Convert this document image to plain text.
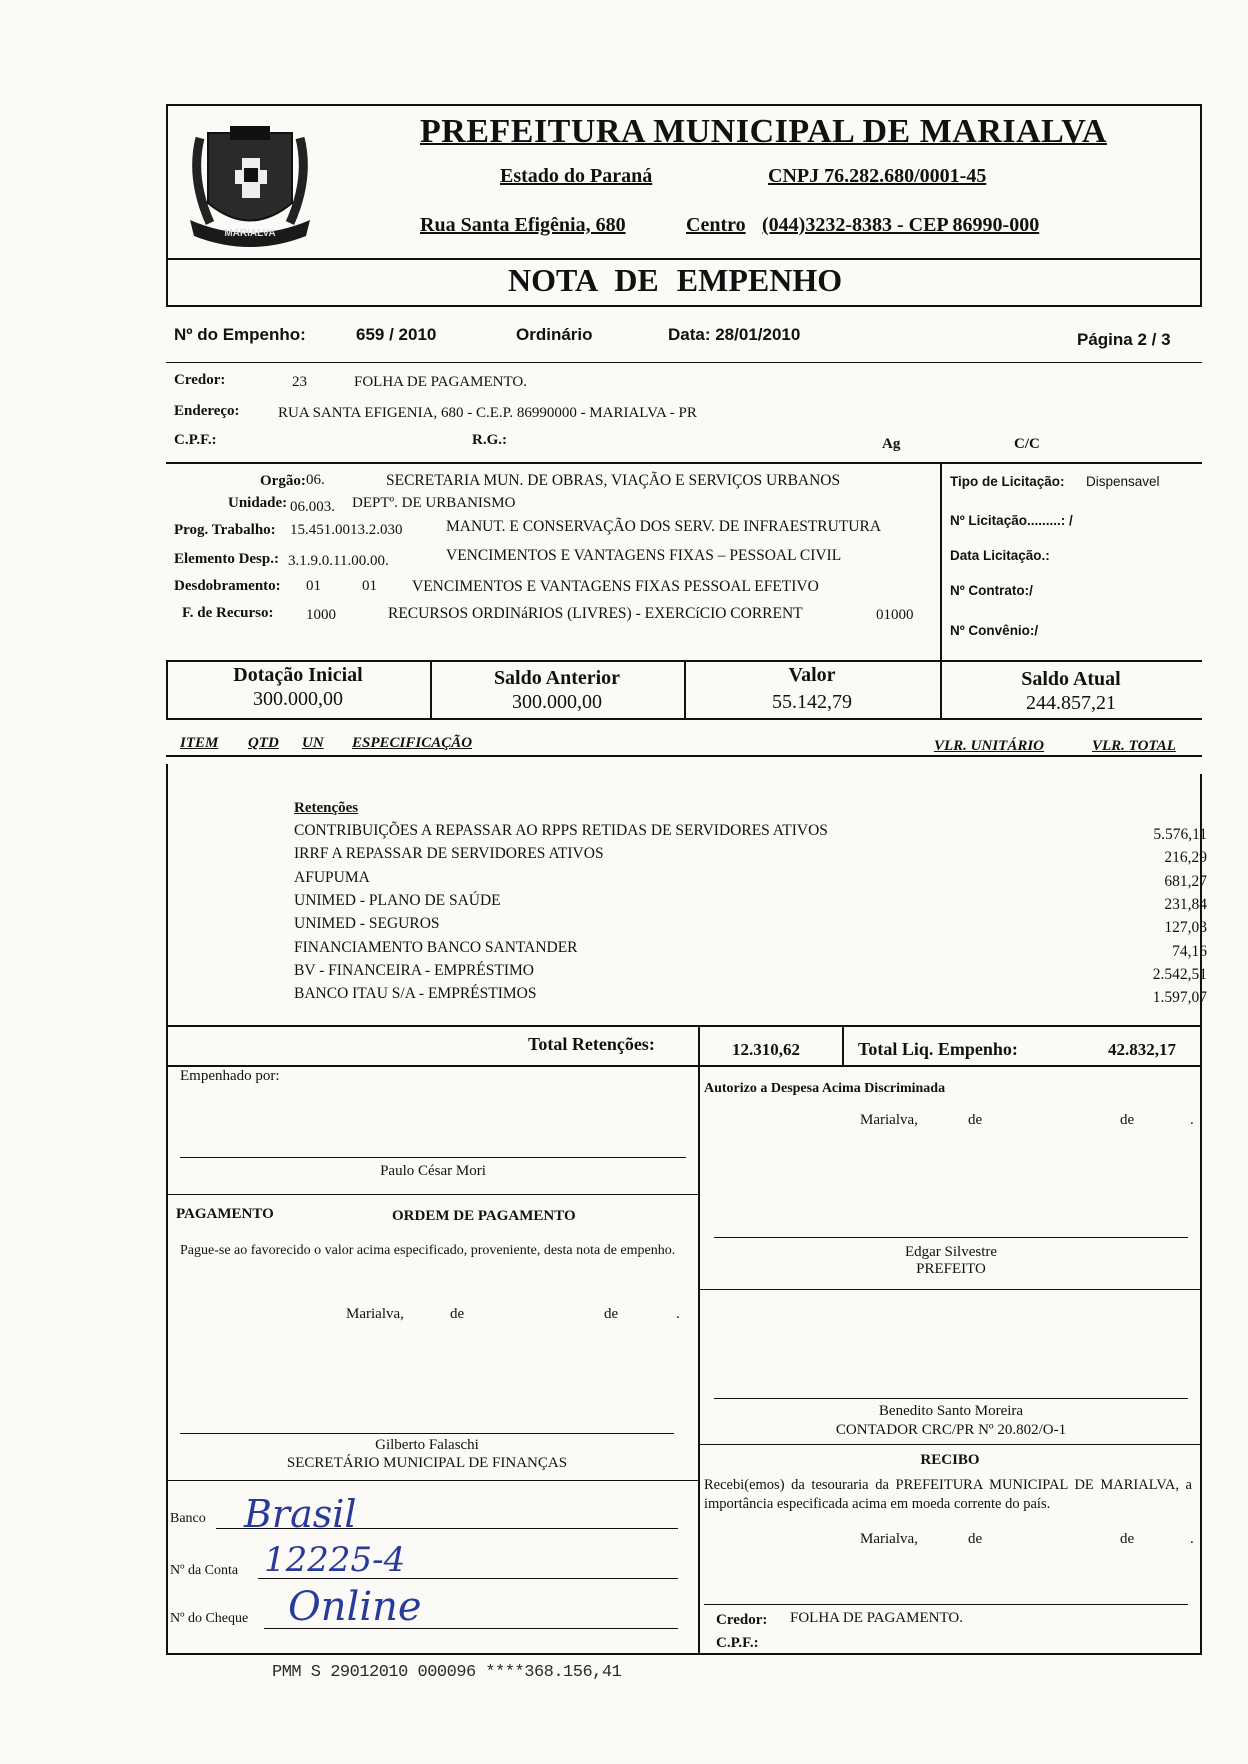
MARIALVA
PREFEITURA MUNICIPAL DE MARIALVA
Estado do Paraná	CNPJ 76.282.680/0001-45
Rua Santa Efigênia, 680	Centro (044)3232-8383 - CEP 86990-000
NOTA DE EMPENHO
Nº do Empenho:	659 / 2010	Ordinário	Data: 28/01/2010	Página 2 / 3
Credor:	23	FOLHA DE PAGAMENTO.
Endereço:	RUA SANTA EFIGENIA, 680 - C.E.P. 86990000 - MARIALVA - PR
C.P.F.:	R.G.:	Ag	C/C
Orgão: 06.	SECRETARIA MUN. DE OBRAS, VIAÇÃO E SERVIÇOS URBANOS
Unidade: 06.003. DEPTº. DE URBANISMO
Prog. Trabalho: 15.451.0013.2.030	MANUT. E CONSERVAÇÃO DOS SERV. DE INFRAESTRUTURA
Elemento Desp.: 3.1.9.0.11.00.00.	VENCIMENTOS E VANTAGENS FIXAS – PESSOAL CIVIL
Desdobramento: 01	01 VENCIMENTOS E VANTAGENS FIXAS PESSOAL EFETIVO
F. de Recurso: 1000	RECURSOS ORDINáRIOS (LIVRES) - EXERCíCIO CORRENT	01000
Tipo de Licitação: Dispensavel
Nº Licitação.........: /
Data Licitação.:
Nº Contrato:/
Nº Convênio:/
Dotação Inicial
300.000,00
Saldo Anterior
300.000,00
Valor
55.142,79
Saldo Atual
244.857,21
ITEM QTD UN ESPECIFICAÇÃO	VLR. UNITÁRIO	VLR. TOTAL
Retenções
CONTRIBUIÇÕES A REPASSAR AO RPPS RETIDAS DE SERVIDORES ATIVOS	5.576,11
IRRF A REPASSAR DE SERVIDORES ATIVOS	216,29
AFUPUMA	681,27
UNIMED - PLANO DE SAÚDE	231,84
UNIMED - SEGUROS	127,03
FINANCIAMENTO BANCO SANTANDER	74,16
BV - FINANCEIRA - EMPRÉSTIMO	2.542,51
BANCO ITAU S/A - EMPRÉSTIMOS	1.597,07
Total Retenções:	12.310,62	Total Liq. Empenho:	42.832,17
Empenhado por:
Paulo César Mori
PAGAMENTO	ORDEM DE PAGAMENTO
Pague-se ao favorecido o valor acima especificado, proveniente, desta nota de empenho.
Marialva,	de	de	.
Gilberto Falaschi
SECRETÁRIO MUNICIPAL DE FINANÇAS
Banco Brasil
Nº da Conta 12225-4
Nº do Cheque Online
Autorizo a Despesa Acima Discriminada
Marialva,	de	de	.
Edgar Silvestre
PREFEITO
Benedito Santo Moreira
CONTADOR CRC/PR Nº 20.802/O-1
RECIBO
Recebi(emos) da tesouraria da PREFEITURA MUNICIPAL DE MARIALVA, a importância especificada acima em moeda corrente do país.
Marialva,	de	de	.
Credor: FOLHA DE PAGAMENTO.
C.P.F.:
PMM S 29012010 000096 ****368.156,41
